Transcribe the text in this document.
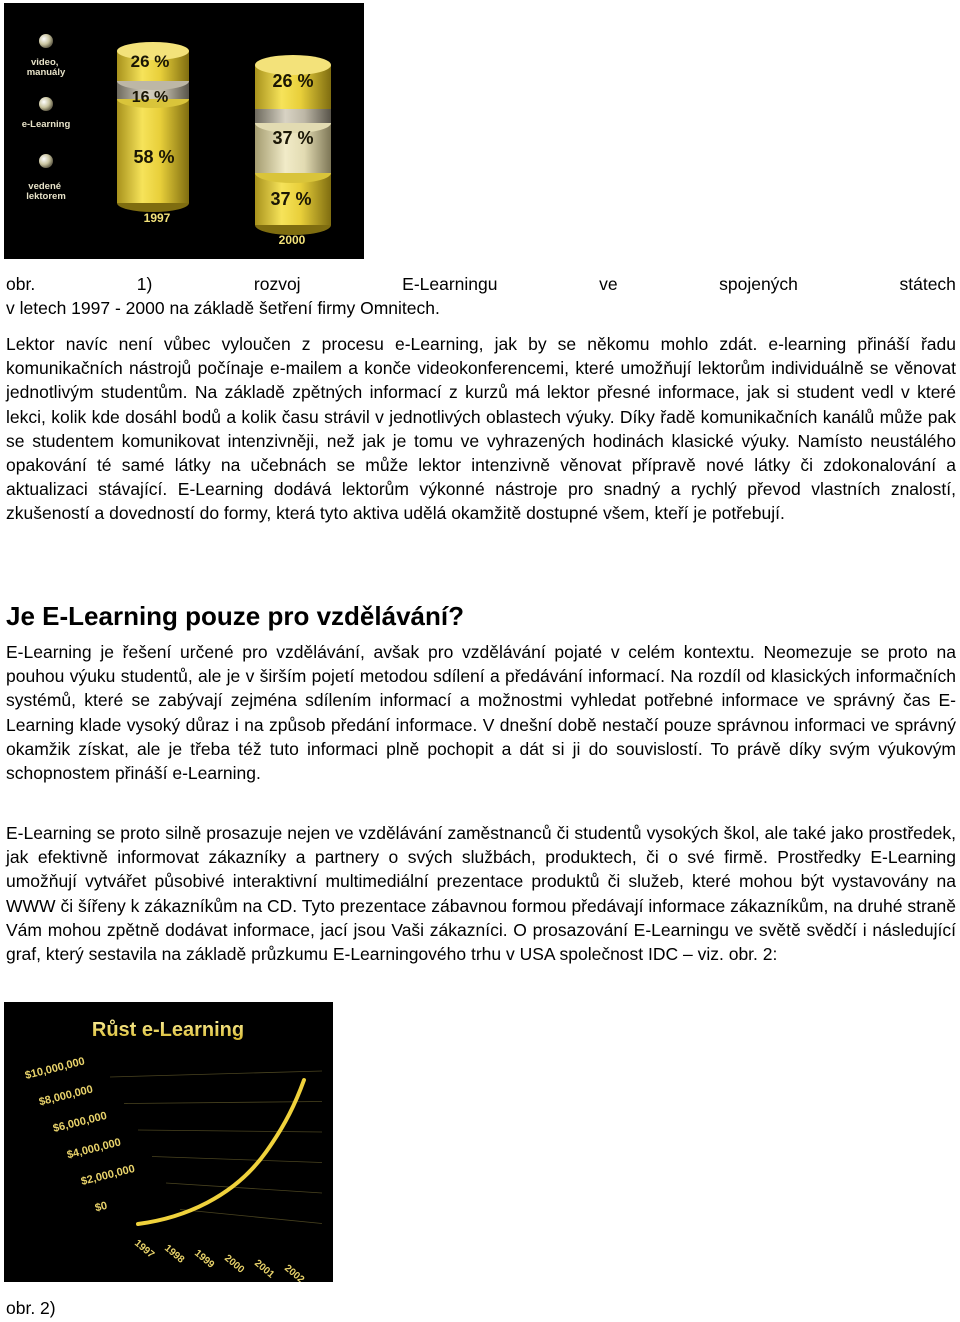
video, manuály
e-Learning
vedené lektorem
26 %
16 %
58 %
1997
26 %
37 %
37 %
2000
obr.	1)	rozvoj	E-Learningu	ve	spojených	státech
v letech 1997 - 2000 na základě šetření firmy Omnitech.

Lektor navíc není vůbec vyloučen z procesu e-Learning, jak by se někomu mohlo zdát. e-learning přináší řadu komunikačních nástrojů počínaje e-mailem a konče videokonferencemi, které umožňují lektorům individuálně se věnovat jednotlivým studentům. Na základě zpětných informací z kurzů má lektor přesné informace, jak si student vedl v které lekci, kolik kde dosáhl bodů a kolik času strávil v jednotlivých oblastech výuky. Díky řadě komunikačních kanálů může pak se studentem komunikovat intenzivněji, než jak je tomu ve vyhrazených hodinách klasické výuky. Namísto neustálého opakování té samé látky na učebnách se může lektor intenzivně věnovat přípravě nové látky či zdokonalování a aktualizaci stávající. E-Learning dodává lektorům výkonné nástroje pro snadný a rychlý převod vlastních znalostí, zkušeností a dovedností do formy, která tyto aktiva udělá okamžitě dostupné všem, kteří je potřebují.

Je E-Learning pouze pro vzdělávání?

E-Learning je řešení určené pro vzdělávání, avšak pro vzdělávání pojaté v celém kontextu. Neomezuje se proto na pouhou výuku studentů, ale je v širším pojetí metodou sdílení a předávání informací. Na rozdíl od klasických informačních systémů, které se zabývají zejména sdílením informací a možnostmi vyhledat potřebné informace ve správný čas E-Learning klade vysoký důraz i na způsob předání informace. V dnešní době nestačí pouze správnou informaci ve správný okamžik získat, ale je třeba též tuto informaci plně pochopit a dát si ji do souvislostí. To právě díky svým výukovým schopnostem přináší e-Learning.

E-Learning se proto silně prosazuje nejen ve vzdělávání zaměstnanců či studentů vysokých škol, ale také jako prostředek, jak efektivně informovat zákazníky a partnery o svých službách, produktech, či o své firmě. Prostředky E-Learning umožňují vytvářet působivé interaktivní multimediální prezentace produktů či služeb, které mohou být vystavovány na WWW či šířeny k zákazníkům na CD. Tyto prezentace zábavnou formou předávají informace zákazníkům, na druhé straně Vám mohou zpětně dodávat informace, jací jsou Vaši zákazníci. O prosazování E-Learningu ve světě svědčí i následující graf, který sestavila na základě průzkumu E-Learningového trhu v USA společnost IDC – viz. obr. 2:

Růst e-Learning
$10,000,000
$8,000,000
$6,000,000
$4,000,000
$2,000,000
$0
1997 1998 1999 2000 2001 2002
obr. 2)
